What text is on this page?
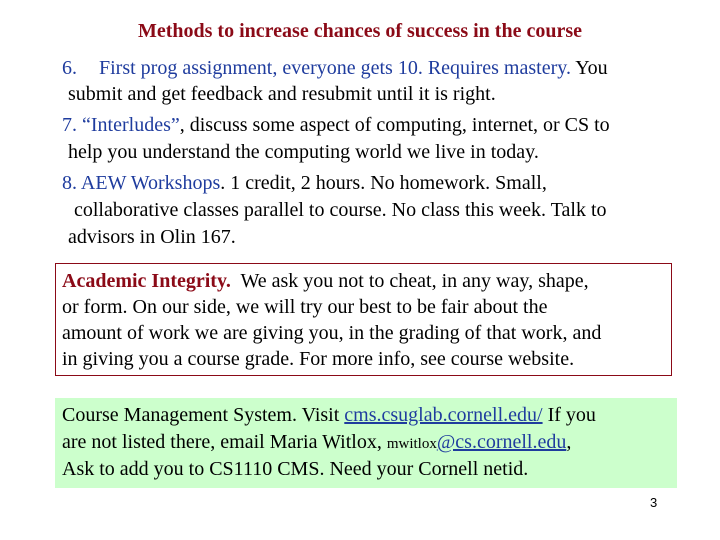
Methods to increase chances of success in the course
6. First prog assignment, everyone gets 10. Requires mastery. You
submit and get feedback and resubmit until it is right.
7. “Interludes”, discuss some aspect of computing, internet, or CS to
help you understand the computing world we live in today.
8. AEW Workshops. 1 credit, 2 hours. No homework. Small,
collaborative classes parallel to course. No class this week. Talk to
advisors in Olin 167.
Academic Integrity.  We ask you not to cheat, in any way, shape,
or form. On our side, we will try our best to be fair about the
amount of work we are giving you, in the grading of that work, and
in giving you a course grade. For more info, see course website.
Course Management System. Visit cms.csuglab.cornell.edu/ If you
are not listed there, email Maria Witlox, mwitlox@cs.cornell.edu,
Ask to add you to CS1110 CMS. Need your Cornell netid.
3
